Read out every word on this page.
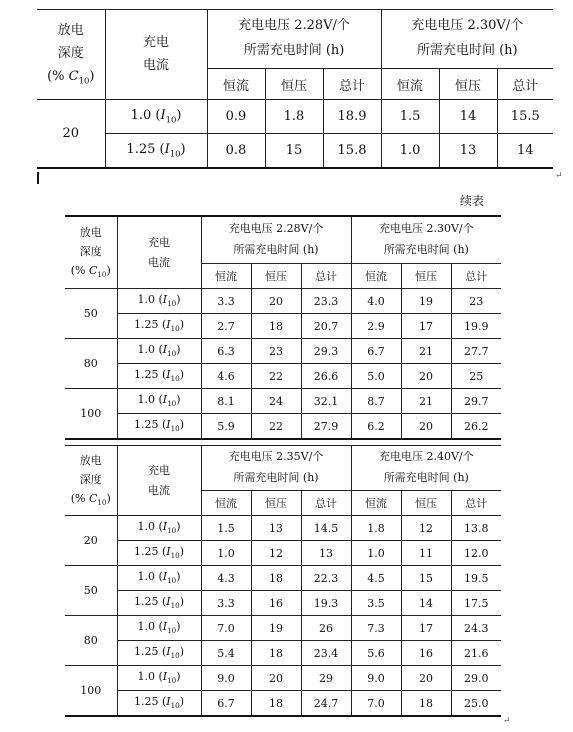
放电
深度
(% $C_{10}$)	充电
电流	充电电压 2.28V/个
所需充电时间 (h)			充电电压 2.30V/个
所需充电时间 (h)		

		恒流	恒压	总计	恒流	恒压	总计
20	1.0 $(I_{10})$	0.9	1.8	18.9	1.5	14	15.5
	1.25 $(I_{10})$	0.8	15	15.8	1.0	13	14
↵
续表
放电
深度
(% $C_{10}$)	充电
电流	充电电压 2.28V/个
所需充电时间 (h)			充电电压 2.30V/个
所需充电时间 (h)		

		恒流	恒压	总计	恒流	恒压	总计
50	1.0 $(I_{10})$	3.3	20	23.3	4.0	19	23
	1.25 $(I_{10})$	2.7	18	20.7	2.9	17	19.9
80	1.0 $(I_{10})$	6.3	23	29.3	6.7	21	27.7
	1.25 $(I_{10})$	4.6	22	26.6	5.0	20	25
100	1.0 $(I_{10})$	8.1	24	32.1	8.7	21	29.7
	1.25 $(I_{10})$	5.9	22	27.9	6.2	20	26.2
放电
深度
(% $C_{10}$)	充电
电流	充电电压 2.35V/个
所需充电时间 (h)			充电电压 2.40V/个
所需充电时间 (h)		

		恒流	恒压	总计	恒流	恒压	总计
20	1.0 $(I_{10})$	1.5	13	14.5	1.8	12	13.8
	1.25 $(I_{10})$	1.0	12	13	1.0	11	12.0
50	1.0 $(I_{10})$	4.3	18	22.3	4.5	15	19.5
	1.25 $(I_{10})$	3.3	16	19.3	3.5	14	17.5
80	1.0 $(I_{10})$	7.0	19	26	7.3	17	24.3
	1.25 $(I_{10})$	5.4	18	23.4	5.6	16	21.6
100	1.0 $(I_{10})$	9.0	20	29	9.0	20	29.0
	1.25 $(I_{10})$	6.7	18	24.7	7.0	18	25.0
↵
